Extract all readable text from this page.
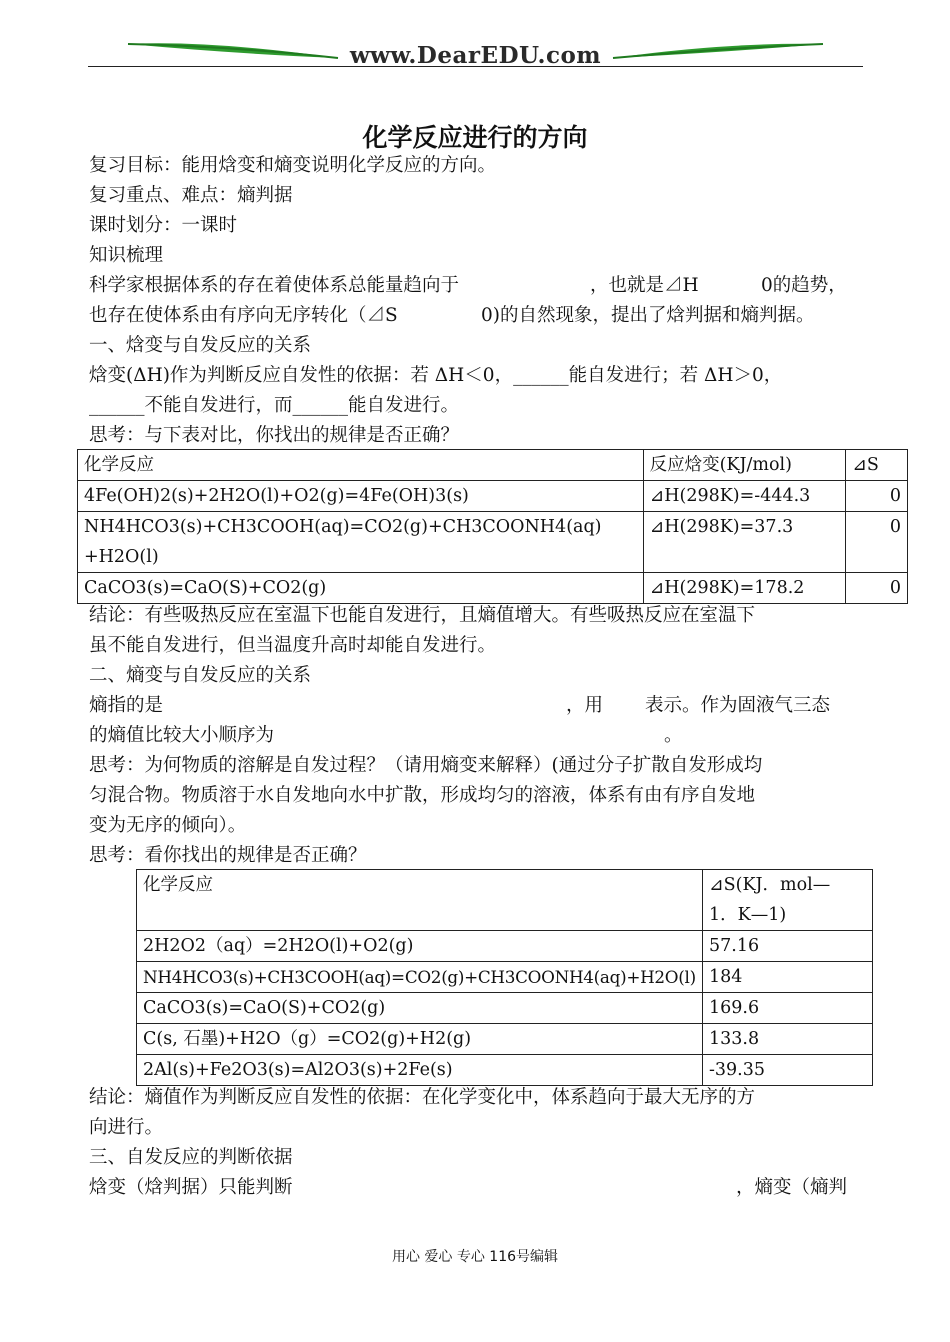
www.DearEDU.com
化学反应进行的方向
复习目标：能用焓变和熵变说明化学反应的方向。
复习重点、难点：熵判据
课时划分：一课时
知识梳理
科学家根据体系的存在着使体系总能量趋向于	，也就是⊿H	0的趋势，
也存在使体系由有序向无序转化（⊿S	0)的自然现象，提出了焓判据和熵判据。
一、焓变与自发反应的关系
焓变(ΔH)作为判断反应自发性的依据：若 ΔH＜0，______能自发进行；若 ΔH＞0，
______不能自发进行，而______能自发进行。
思考：与下表对比，你找出的规律是否正确？
化学反应	反应焓变(KJ/mol)	⊿S
4Fe(OH)2(s)+2H2O(l)+O2(g)=4Fe(OH)3(s)	⊿H(298K)=-444.3	0

NH4HCO3(s)+CH3COOH(aq)=CO2(g)+CH3COONH4(aq)
+H2O(l)	⊿H(298K)=37.3	0
CaCO3(s)=CaO(S)+CO2(g)	⊿H(298K)=178.2	0
结论：有些吸热反应在室温下也能自发进行，且熵值增大。有些吸热反应在室温下
虽不能自发进行，但当温度升高时却能自发进行。
二、熵变与自发反应的关系
熵指的是	，用 表示。作为固液气三态
的熵值比较大小顺序为	。
思考：为何物质的溶解是自发过程？（请用熵变来解释）(通过分子扩散自发形成均
匀混合物。物质溶于水自发地向水中扩散，形成均匀的溶液，体系有由有序自发地
变为无序的倾向）。
思考：看你找出的规律是否正确？
化学反应	⊿S(KJ．mol—
1．K—1)

2H2O2（aq）=2H2O(l)+O2(g)	57.16
NH4HCO3(s)+CH3COOH(aq)=CO2(g)+CH3COONH4(aq)+H2O(l)	184
CaCO3(s)=CaO(S)+CO2(g)	169.6
C(s, 石墨)+H2O（g）=CO2(g)+H2(g)	133.8
2Al(s)+Fe2O3(s)=Al2O3(s)+2Fe(s)	-39.35
结论：熵值作为判断反应自发性的依据：在化学变化中，体系趋向于最大无序的方
向进行。
三、自发反应的判断依据
焓变（焓判据）只能判断	，熵变（熵判
用心 爱心 专心 116号编辑
